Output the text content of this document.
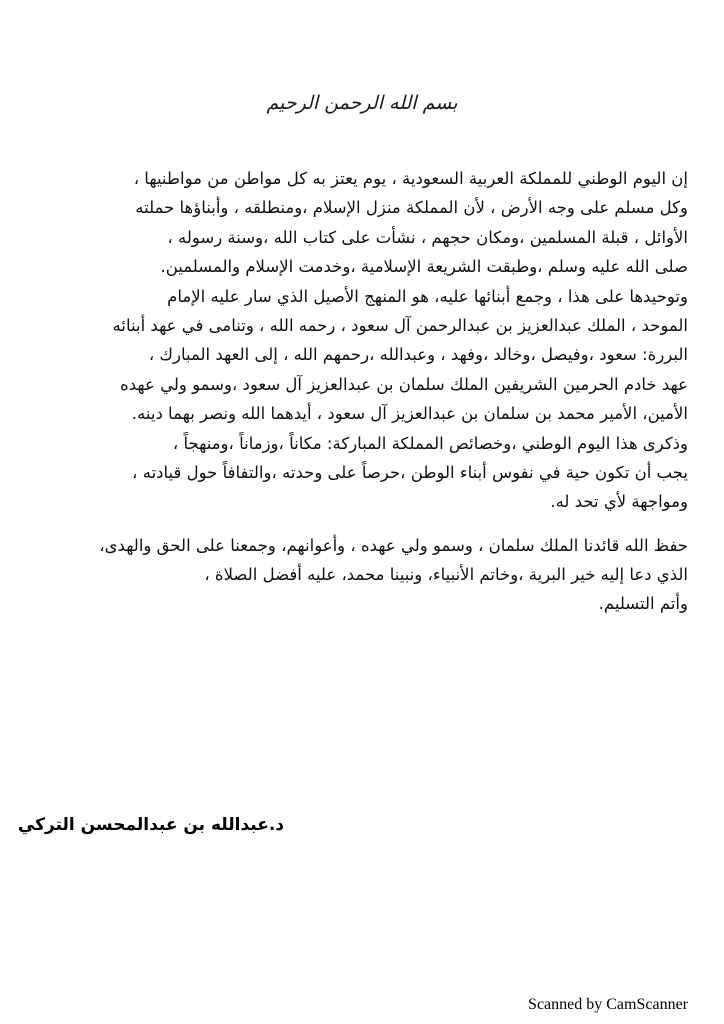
بسم الله الرحمن الرحيم
إن اليوم الوطني للمملكة العربية السعودية ، يوم يعتز به كل مواطن من مواطنيها ،
وكل مسلم على وجه الأرض ، لأن المملكة منزل الإسلام ،ومنطلقه ، وأبناؤها حملته
الأوائل ، قبلة المسلمين ،ومكان حجهم ، نشأت على كتاب الله ،وسنة رسوله ،
صلى الله عليه وسلم ،وطبقت الشريعة الإسلامية ،وخدمت الإسلام والمسلمين.
وتوحيدها على هذا ، وجمع أبنائها عليه، هو المنهج الأصيل الذي سار عليه الإمام
الموحد ، الملك عبدالعزيز بن عبدالرحمن آل سعود ، رحمه الله ، وتنامى في عهد أبنائه
البررة: سعود ،وفيصل ،وخالد ،وفهد ، وعبدالله ،رحمهم الله ، إلى العهد المبارك ،
عهد خادم الحرمين الشريفين الملك سلمان بن عبدالعزيز آل سعود ،وسمو ولي عهده
الأمين، الأمير محمد بن سلمان بن عبدالعزيز آل سعود ، أيدهما الله ونصر بهما دينه.
وذكرى هذا اليوم الوطني ،وخصائص المملكة المباركة: مكاناً ،وزماناً ،ومنهجاً ،
يجب أن تكون حية في نفوس أبناء الوطن ،حرصاً على وحدته ،والتفافاً حول قيادته ،
ومواجهة لأي تحد له.
حفظ الله قائدنا الملك سلمان ، وسمو ولي عهده ، وأعوانهم، وجمعنا على الحق والهدى،
الذي دعا إليه خير البرية ،وخاتم الأنبياء، ونبينا محمد، عليه أفضل الصلاة ،
وأتم التسليم.
د.عبدالله بن عبدالمحسن التركي
Scanned by CamScanner
